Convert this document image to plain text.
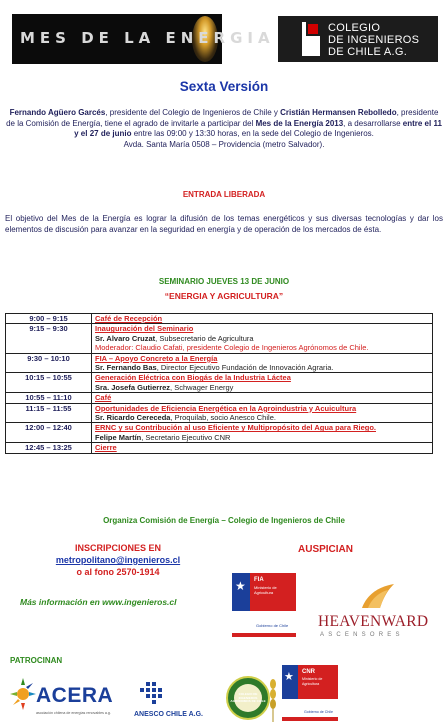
MES DE LA ENERGIA
COLEGIO
DE INGENIEROS
DE CHILE A.G.
Sexta Versión
Fernando Agüero Garcés, presidente del Colegio de Ingenieros de Chile y Cristián Hermansen Rebolledo, presidente de la Comisión de Energía, tiene el agrado de invitarle a participar del Mes de la Energía 2013, a desarrollarse entre el 11 y el 27 de junio entre las 09:00 y 13:30 horas, en la sede del Colegio de Ingenieros.
Avda. Santa María 0508 – Providencia (metro Salvador).
ENTRADA LIBERADA
El objetivo del Mes de la Energía es lograr la difusión de los temas energéticos y sus diversas tecnologías y dar los elementos de discusión para avanzar en la seguridad en energía y de operación de los mercados de ésta.
SEMINARIO JUEVES 13 DE JUNIO
“ENERGIA Y AGRICULTURA”
9:00 – 9:15	Café de Recepción

9:15 – 9:30	Inauguración del Seminario
Sr. Alvaro Cruzat, Subsecretario de Agricultura
Moderador: Claudio Cafati, presidente Colegio de Ingenieros Agrónomos de Chile.

9:30 – 10:10	FIA – Apoyo Concreto a la Energía
Sr. Fernando Bas, Director Ejecutivo Fundación de Innovación Agraria.

10:15 – 10:55	Generación Eléctrica con Biogás de la Industria Láctea
Sra. Josefa Gutierrez, Schwager Energy

10:55 – 11:10	Café

11:15 – 11:55	Oportunidades de Eficiencia Energética en la Agroindustria y Acuicultura
Sr. Ricardo Cereceda, Proquilab, socio Anesco Chile.

12:00 – 12:40	ERNC y su Contribución al uso Eficiente y Multipropósito del Agua para Riego.
Felipe Martín, Secretario Ejecutivo CNR

12:45 – 13:25	Cierre
Organiza Comisión de Energía – Colegio de Ingenieros de Chile
INSCRIPCIONES EN
metropolitano@ingenieros.cl
o al fono 2570-1914
Más información en www.ingenieros.cl
AUSPICIAN
★ FIA
Ministerio de Agricultura
Gobierno de Chile HEAVENWARD
ASCENSORES
PATROCINAN
ACERA
asociación chilena de energías renovables a.g.	ANESCO CHILE A.G.
COLEGIO DE INGENIEROS AGRÓNOMOS DE CHILE
★ CNR
Ministerio de Agricultura
Gobierno de Chile
